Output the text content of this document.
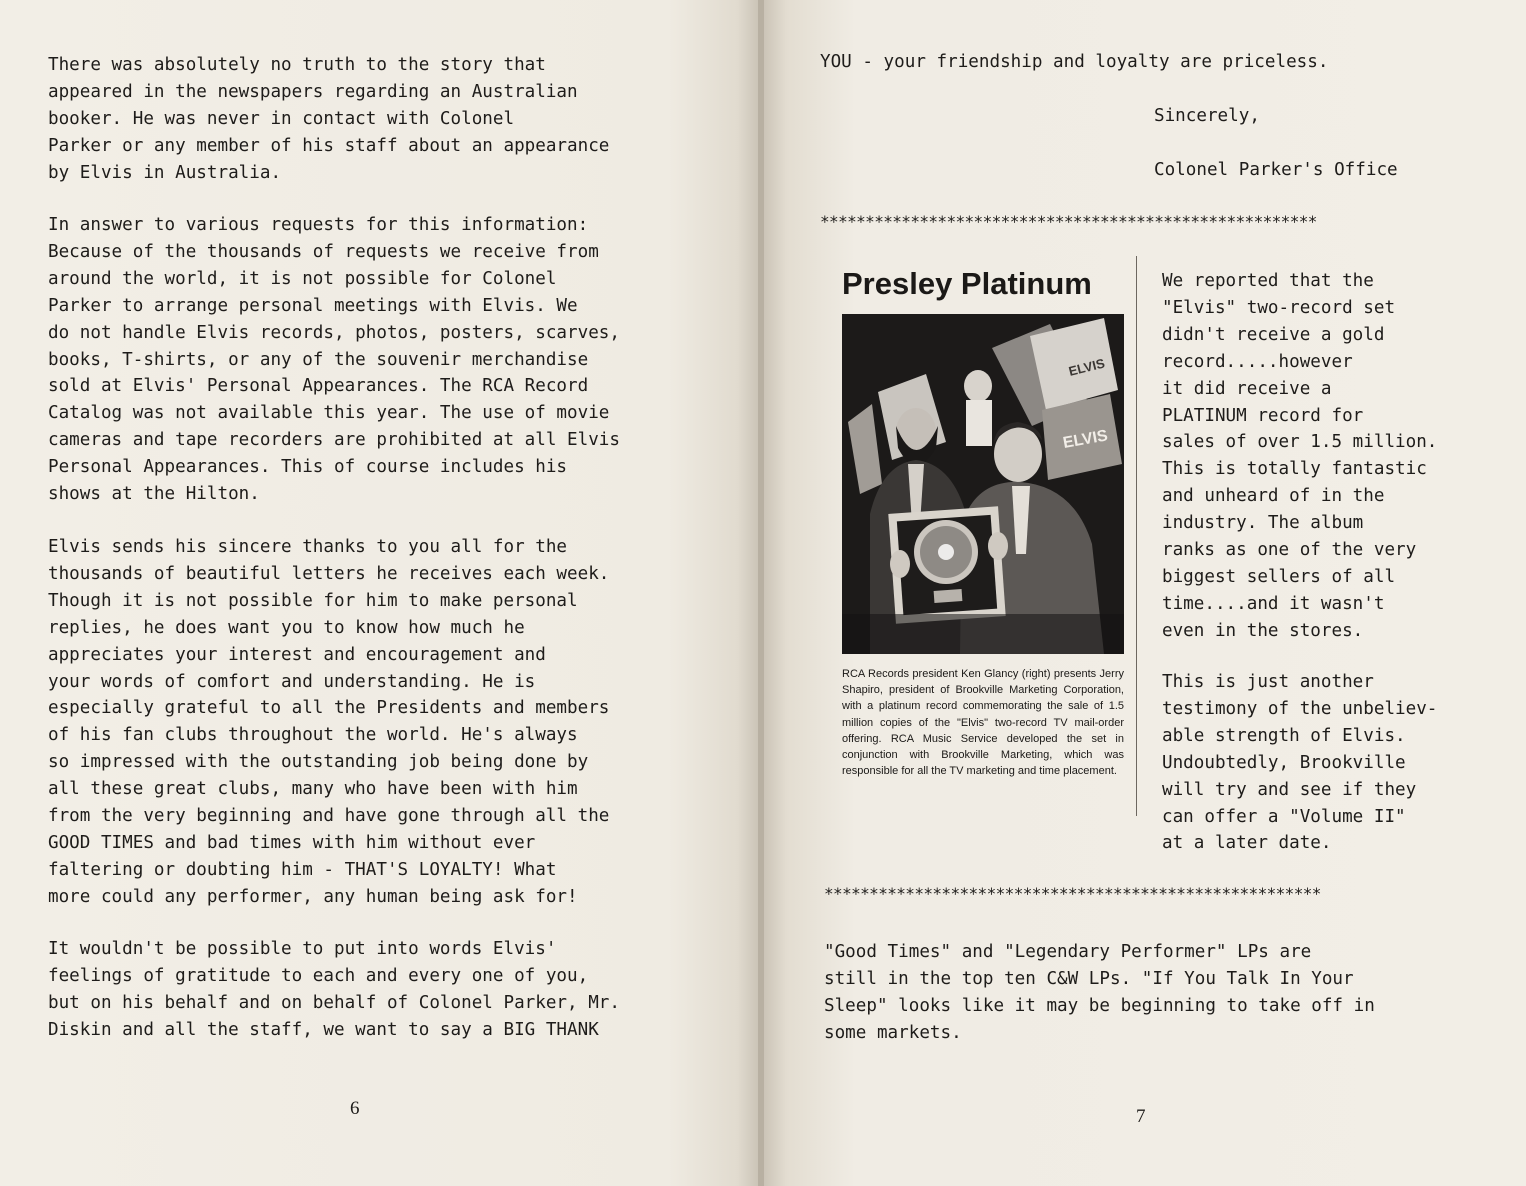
There was absolutely no truth to the story that
appeared in the newspapers regarding an Australian
booker. He was never in contact with Colonel
Parker or any member of his staff about an appearance
by Elvis in Australia.

In answer to various requests for this information:
Because of the thousands of requests we receive from
around the world, it is not possible for Colonel
Parker to arrange personal meetings with Elvis. We
do not handle Elvis records, photos, posters, scarves,
books, T-shirts, or any of the souvenir merchandise
sold at Elvis' Personal Appearances. The RCA Record
Catalog was not available this year. The use of movie
cameras and tape recorders are prohibited at all Elvis
Personal Appearances. This of course includes his
shows at the Hilton.

Elvis sends his sincere thanks to you all for the
thousands of beautiful letters he receives each week.
Though it is not possible for him to make personal
replies, he does want you to know how much he
appreciates your interest and encouragement and
your words of comfort and understanding. He is
especially grateful to all the Presidents and members
of his fan clubs throughout the world. He's always
so impressed with the outstanding job being done by
all these great clubs, many who have been with him
from the very beginning and have gone through all the
GOOD TIMES and bad times with him without ever
faltering or doubting him - THAT'S LOYALTY! What
more could any performer, any human being ask for!

It wouldn't be possible to put into words Elvis'
feelings of gratitude to each and every one of you,
but on his behalf and on behalf of Colonel Parker, Mr.
Diskin and all the staff, we want to say a BIG THANK

6
YOU - your friendship and loyalty are priceless.
Sincerely,
Colonel Parker's Office
*******************************************************
Presley Platinum
ELVIS
ELVIS
RCA Records president Ken Glancy (right) presents Jerry Shapiro, president of Brookville Marketing Corporation, with a platinum record commemorating the sale of 1.5 million copies of the "Elvis" two-record TV mail-order offering. RCA Music Service developed the set in conjunction with Brookville Marketing, which was responsible for all the TV marketing and time placement.

We reported that the
"Elvis" two-record set
didn't receive a gold
record.....however
it did receive a
PLATINUM record for
sales of over 1.5 million.
This is totally fantastic
and unheard of in the
industry. The album
ranks as one of the very
biggest sellers of all
time....and it wasn't
even in the stores.

This is just another
testimony of the unbeliev-
able strength of Elvis.
Undoubtedly, Brookville
will try and see if they
can offer a "Volume II"
at a later date.

*******************************************************

"Good Times" and "Legendary Performer" LPs are
still in the top ten C&W LPs. "If You Talk In Your
Sleep" looks like it may be beginning to take off in
some markets.

7
